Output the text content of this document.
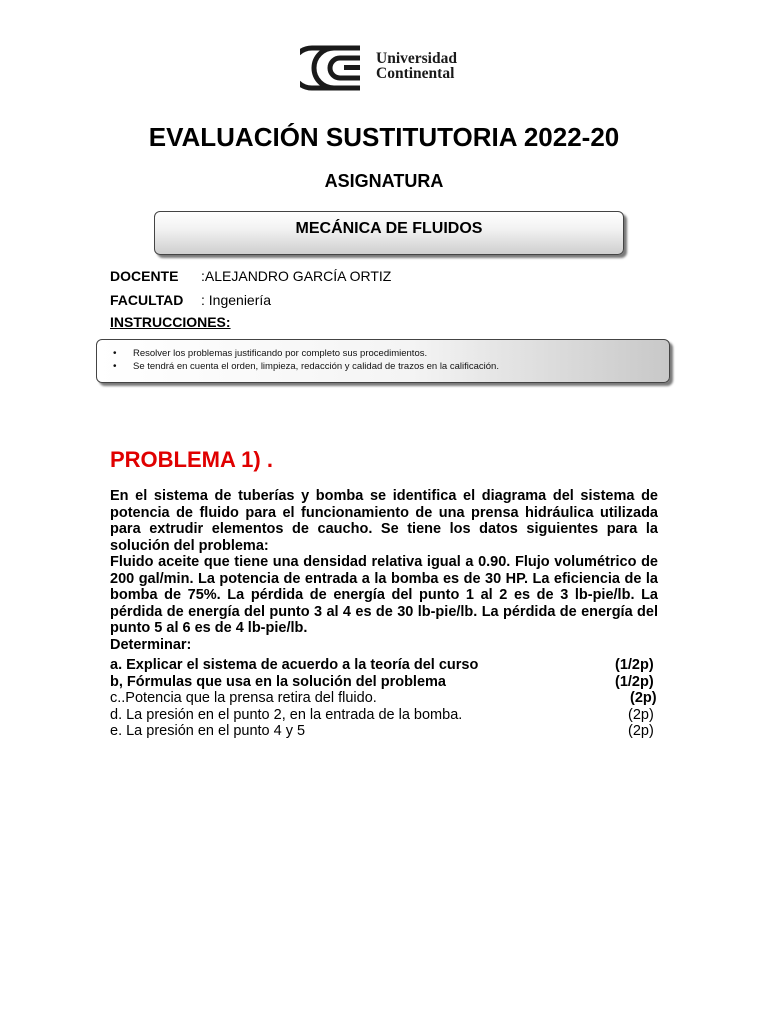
Universidad
Continental
EVALUACIÓN SUSTITUTORIA 2022-20
ASIGNATURA
MECÁNICA DE FLUIDOS
DOCENTE :ALEJANDRO GARCÍA ORTIZ
FACULTAD : Ingeniería
INSTRUCCIONES:
• Resolver los problemas justificando por completo sus procedimientos.
• Se tendrá en cuenta el orden, limpieza, redacción y calidad de trazos en la calificación.
PROBLEMA 1) .

En el sistema de tuberías y bomba se identifica el diagrama del sistema de potencia de fluido para el funcionamiento de una prensa hidráulica utilizada para extrudir elementos de caucho. Se tiene los datos siguientes para la solución del problema:

Fluido aceite que tiene una densidad relativa igual a 0.90. Flujo volumétrico de 200 gal/min. La potencia de entrada a la bomba es de 30 HP. La eficiencia de la bomba de 75%. La pérdida de energía del punto 1 al 2 es de 3 lb-pie/lb. La pérdida de energía del punto 3 al 4 es de 30 lb-pie/lb. La pérdida de energía del punto 5 al 6 es de 4 lb-pie/lb.

Determinar:

a. Explicar el sistema de acuerdo a la teoría del curso	(1/2p)
b, Fórmulas que usa en la solución del problema	(1/2p)
c..Potencia que la prensa retira del fluido.	(2p)
d. La presión en el punto 2, en la entrada de la bomba.	(2p)
e. La presión en el punto 4 y 5	(2p)
